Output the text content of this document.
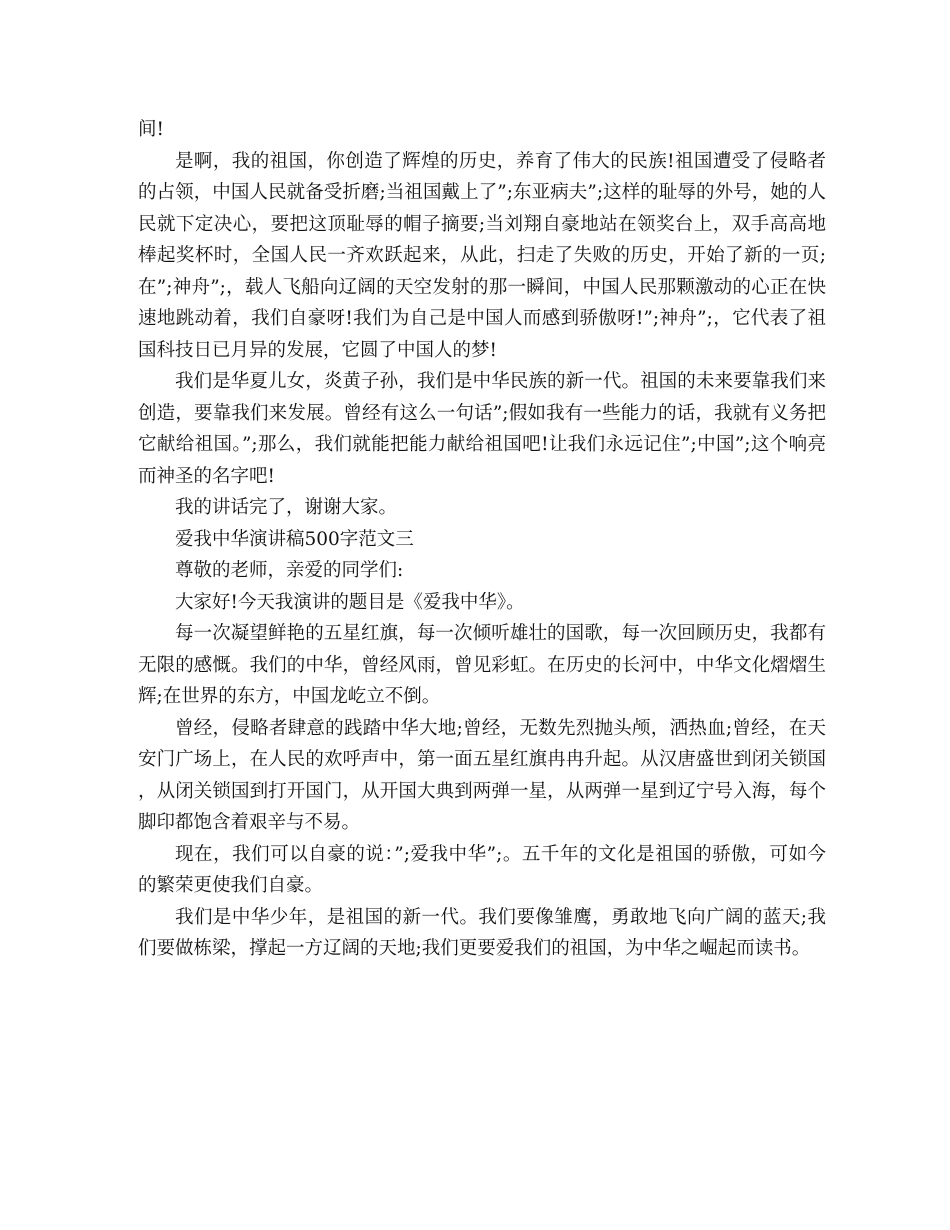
间!

是啊，我的祖国，你创造了辉煌的历史，养育了伟大的民族!祖国遭受了侵略者的占领，中国人民就备受折磨;当祖国戴上了”;东亚病夫”;这样的耻辱的外号，她的人民就下定决心，要把这顶耻辱的帽子摘要;当刘翔自豪地站在领奖台上，双手高高地棒起奖杯时，全国人民一齐欢跃起来，从此，扫走了失败的历史，开始了新的一页;在”;神舟”;，载人飞船向辽阔的天空发射的那一瞬间，中国人民那颗激动的心正在快速地跳动着，我们自豪呀!我们为自己是中国人而感到骄傲呀!”;神舟”;，它代表了祖国科技日已月异的发展，它圆了中国人的梦!

我们是华夏儿女，炎黄子孙，我们是中华民族的新一代。祖国的未来要靠我们来创造，要靠我们来发展。曾经有这么一句话”;假如我有一些能力的话，我就有义务把它献给祖国。”;那么，我们就能把能力献给祖国吧!让我们永远记住”;中国”;这个响亮而神圣的名字吧!

我的讲话完了，谢谢大家。

爱我中华演讲稿500字范文三

尊敬的老师，亲爱的同学们:

大家好!今天我演讲的题目是《爱我中华》。

每一次凝望鲜艳的五星红旗，每一次倾听雄壮的国歌，每一次回顾历史，我都有无限的感慨。我们的中华，曾经风雨，曾见彩虹。在历史的长河中，中华文化熠熠生辉;在世界的东方，中国龙屹立不倒。

曾经，侵略者肆意的践踏中华大地;曾经，无数先烈抛头颅，洒热血;曾经，在天安门广场上，在人民的欢呼声中，第一面五星红旗冉冉升起。从汉唐盛世到闭关锁国，从闭关锁国到打开国门，从开国大典到两弹一星，从两弹一星到辽宁号入海，每个脚印都饱含着艰辛与不易。

现在，我们可以自豪的说：”;爱我中华”;。五千年的文化是祖国的骄傲，可如今的繁荣更使我们自豪。

我们是中华少年，是祖国的新一代。我们要像雏鹰，勇敢地飞向广阔的蓝天;我们要做栋梁，撑起一方辽阔的天地;我们更要爱我们的祖国，为中华之崛起而读书。
